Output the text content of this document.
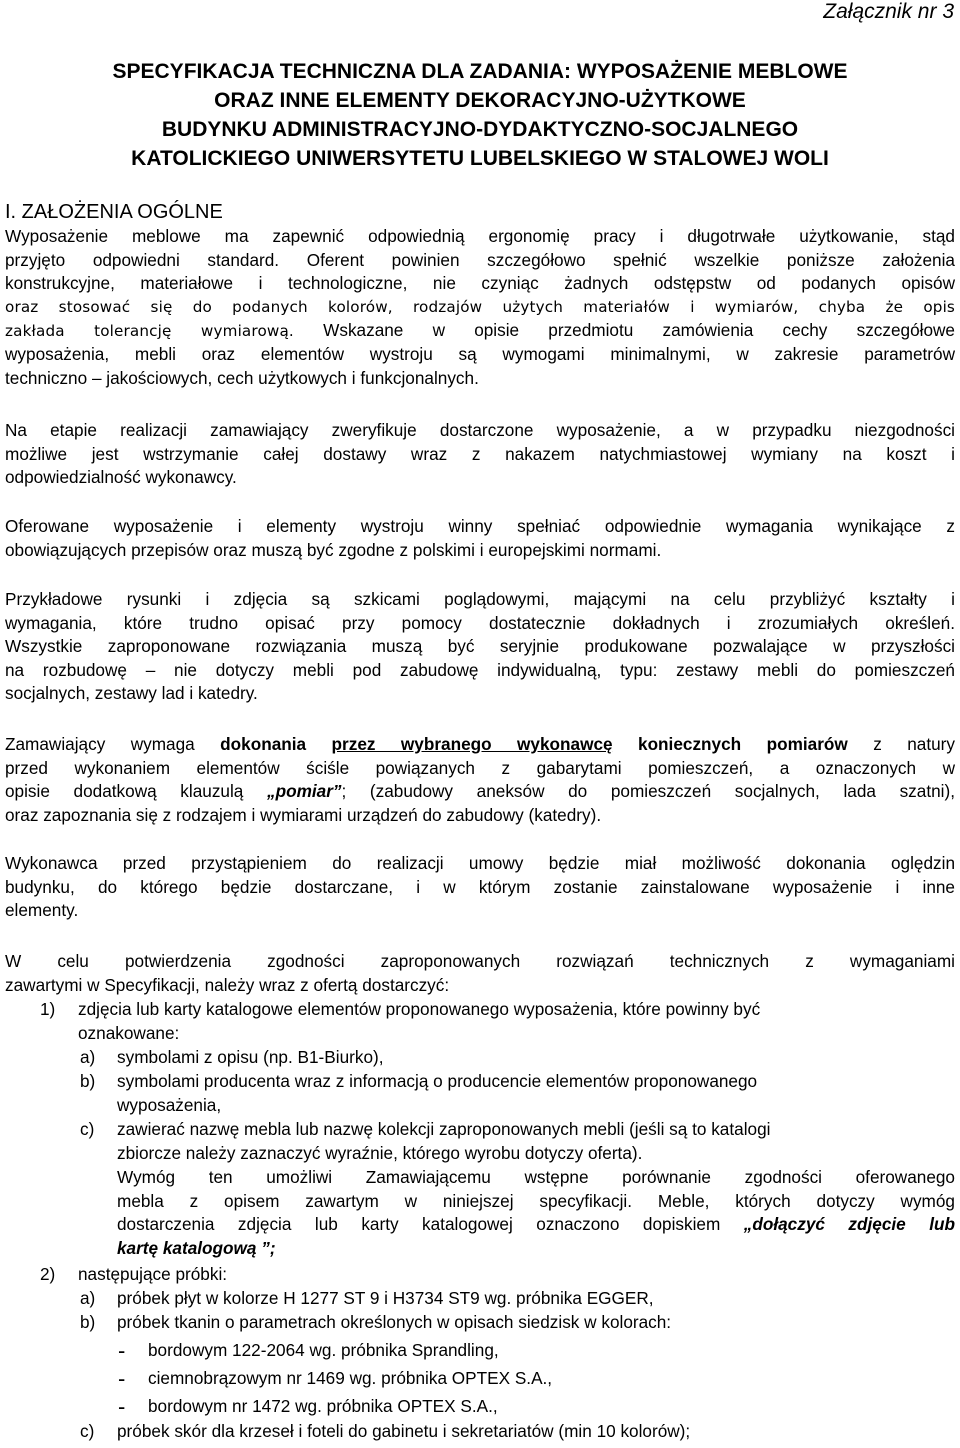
Załącznik nr 3
SPECYFIKACJA TECHNICZNA DLA ZADANIA: WYPOSAŻENIE MEBLOWE
ORAZ INNE ELEMENTY DEKORACYJNO-UŻYTKOWE
BUDYNKU ADMINISTRACYJNO-DYDAKTYCZNO-SOCJALNEGO
KATOLICKIEGO UNIWERSYTETU LUBELSKIEGO W STALOWEJ WOLI
I. ZAŁOŻENIA OGÓLNE
Wyposażenie meblowe ma zapewnić odpowiednią ergonomię pracy i długotrwałe użytkowanie, stąd
przyjęto odpowiedni standard. Oferent powinien szczegółowo spełnić wszelkie poniższe założenia
konstrukcyjne, materiałowe i technologiczne, nie czyniąc żadnych odstępstw od podanych opisów
oraz stosować się do podanych kolorów, rodzajów użytych materiałów i wymiarów, chyba że opis
zakłada tolerancję wymiarową. Wskazane w opisie przedmiotu zamówienia cechy szczegółowe
wyposażenia, mebli oraz elementów wystroju są wymogami minimalnymi, w zakresie parametrów
techniczno – jakościowych, cech użytkowych i funkcjonalnych.
Na etapie realizacji zamawiający zweryfikuje dostarczone wyposażenie, a w przypadku niezgodności
możliwe jest wstrzymanie całej dostawy wraz z nakazem natychmiastowej wymiany na koszt i
odpowiedzialność wykonawcy.
Oferowane wyposażenie i elementy wystroju winny spełniać odpowiednie wymagania wynikające z
obowiązujących przepisów oraz muszą być zgodne z polskimi i europejskimi normami.
Przykładowe rysunki i zdjęcia są szkicami poglądowymi, mającymi na celu przybliżyć kształty i
wymagania, które trudno opisać przy pomocy dostatecznie dokładnych i zrozumiałych określeń.
Wszystkie zaproponowane rozwiązania muszą być seryjnie produkowane pozwalające w przyszłości
na rozbudowę – nie dotyczy mebli pod zabudowę indywidualną, typu: zestawy mebli do pomieszczeń
socjalnych, zestawy lad i katedry.
Zamawiający wymaga dokonania przez wybranego wykonawcę koniecznych pomiarów z natury
przed wykonaniem elementów ściśle powiązanych z gabarytami pomieszczeń, a oznaczonych w
opisie dodatkową klauzulą „pomiar”; (zabudowy aneksów do pomieszczeń socjalnych, lada szatni),
oraz zapoznania się z rodzajem i wymiarami urządzeń do zabudowy (katedry).
Wykonawca przed przystąpieniem do realizacji umowy będzie miał możliwość dokonania oględzin
budynku, do którego będzie dostarczane, i w którym zostanie zainstalowane wyposażenie i inne
elementy.
W celu potwierdzenia zgodności zaproponowanych rozwiązań technicznych z wymaganiami
zawartymi w Specyfikacji, należy wraz z ofertą dostarczyć:
1) zdjęcia lub karty katalogowe elementów proponowanego wyposażenia, które powinny być
oznakowane:
a) symbolami z opisu (np. B1-Biurko),
b) symbolami producenta wraz z informacją o producencie elementów proponowanego
wyposażenia,
c) zawierać nazwę mebla lub nazwę kolekcji zaproponowanych mebli (jeśli są to katalogi
zbiorcze należy zaznaczyć wyraźnie, którego wyrobu dotyczy oferta).
Wymóg ten umożliwi Zamawiającemu wstępne porównanie zgodności oferowanego
mebla z opisem zawartym w niniejszej specyfikacji. Meble, których dotyczy wymóg
dostarczenia zdjęcia lub karty katalogowej oznaczono dopiskiem „dołączyć zdjęcie lub
kartę katalogową ”;
2) następujące próbki:
a) próbek płyt w kolorze H 1277 ST 9 i H3734 ST9 wg. próbnika EGGER,
b) próbek tkanin o parametrach określonych w opisach siedzisk w kolorach:
- bordowym 122-2064 wg. próbnika Sprandling,
- ciemnobrązowym nr 1469 wg. próbnika OPTEX S.A.,
- bordowym nr 1472 wg. próbnika OPTEX S.A.,
c) próbek skór dla krzeseł i foteli do gabinetu i sekretariatów (min 10 kolorów);
